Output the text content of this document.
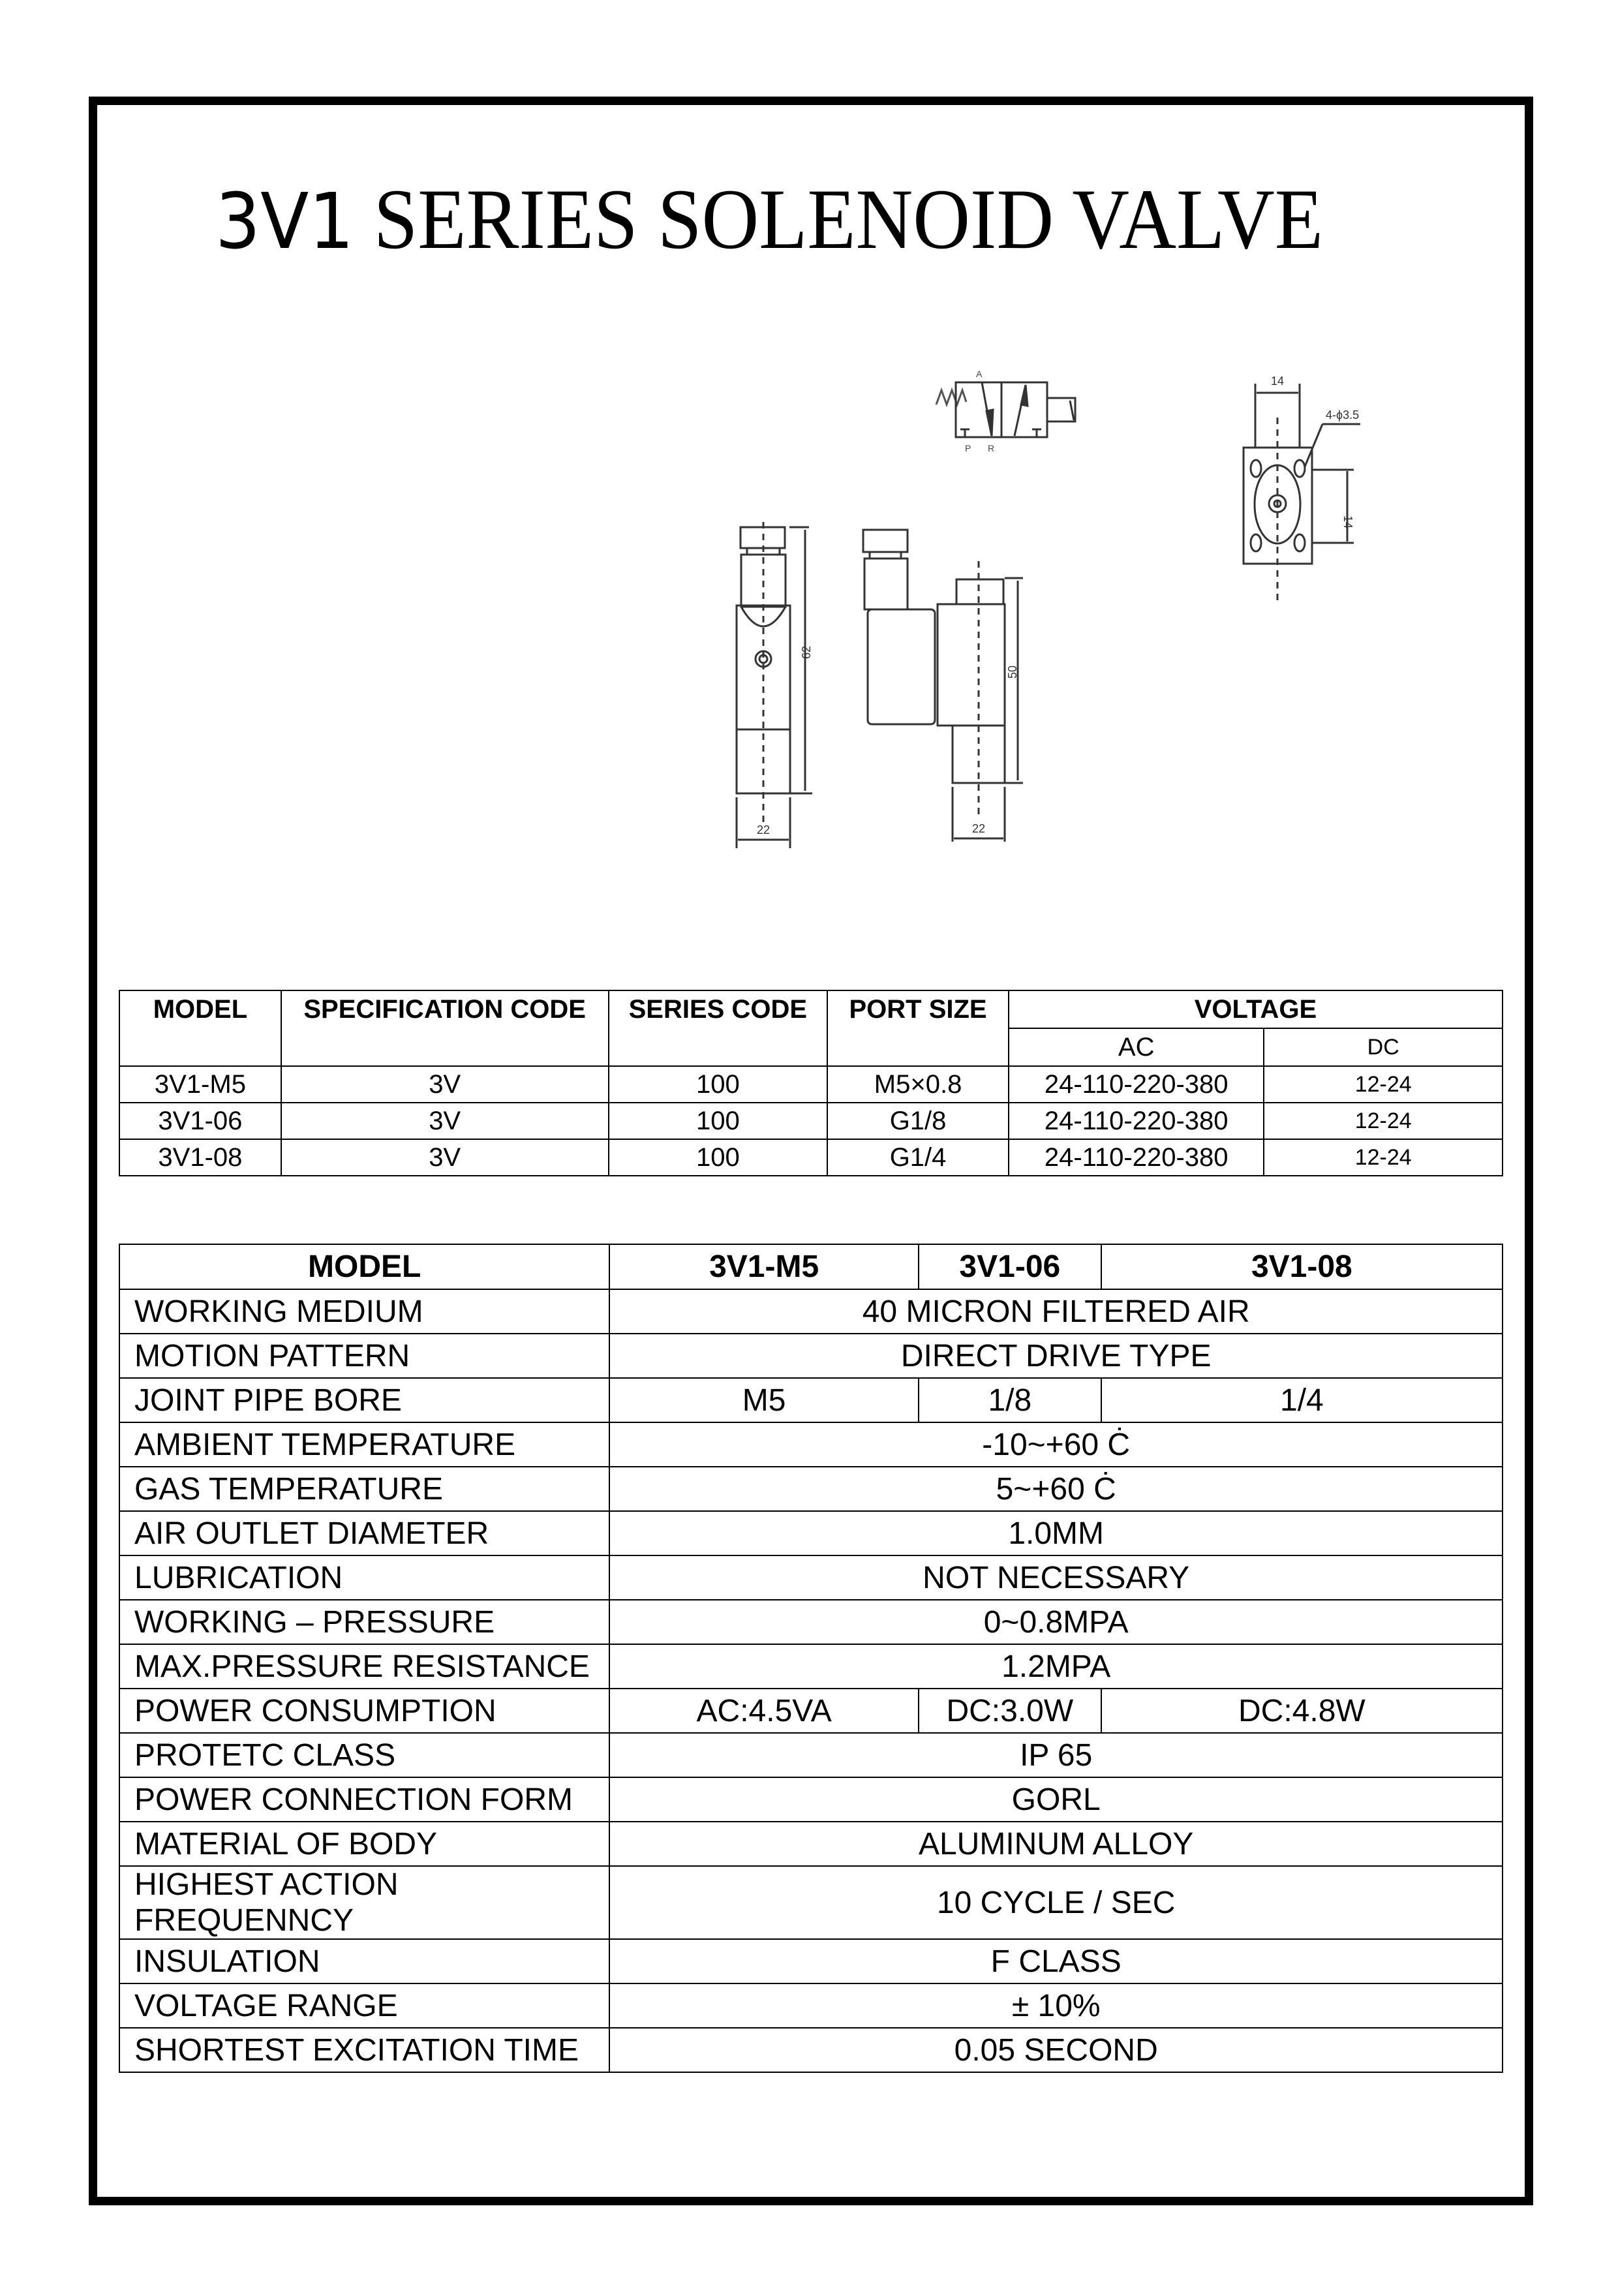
3V1 SERIES SOLENOID VALVE
A
P R
14
4-ϕ3.5
14
62
22
50
22
MODEL	SPECIFICATION CODE	SERIES CODE	PORT SIZE	VOLTAGE	
				AC	DC
3V1-M5	3V	100	M5×0.8	24-110-220-380	12-24
3V1-06	3V	100	G1/8	24-110-220-380	12-24
3V1-08	3V	100	G1/4	24-110-220-380	12-24
MODEL	3V1-M5	3V1-06	3V1-08
WORKING MEDIUM	40 MICRON FILTERED AIR		
MOTION PATTERN	DIRECT DRIVE TYPE		
JOINT PIPE BORE	M5	1/8	1/4
AMBIENT TEMPERATURE	-10~+60 Ċ		
GAS TEMPERATURE	5~+60 Ċ		
AIR OUTLET DIAMETER	1.0MM		
LUBRICATION	NOT NECESSARY		
WORKING – PRESSURE	0~0.8MPA		
MAX.PRESSURE RESISTANCE	1.2MPA		
POWER CONSUMPTION	AC:4.5VA	DC:3.0W	DC:4.8W
PROTETC CLASS	IP 65		
POWER CONNECTION FORM	GORL		
MATERIAL OF BODY	ALUMINUM ALLOY		
HIGHEST ACTION FREQUENNCY	10 CYCLE / SEC		
INSULATION	F CLASS		
VOLTAGE RANGE	± 10%		
SHORTEST EXCITATION TIME	0.05 SECOND		
